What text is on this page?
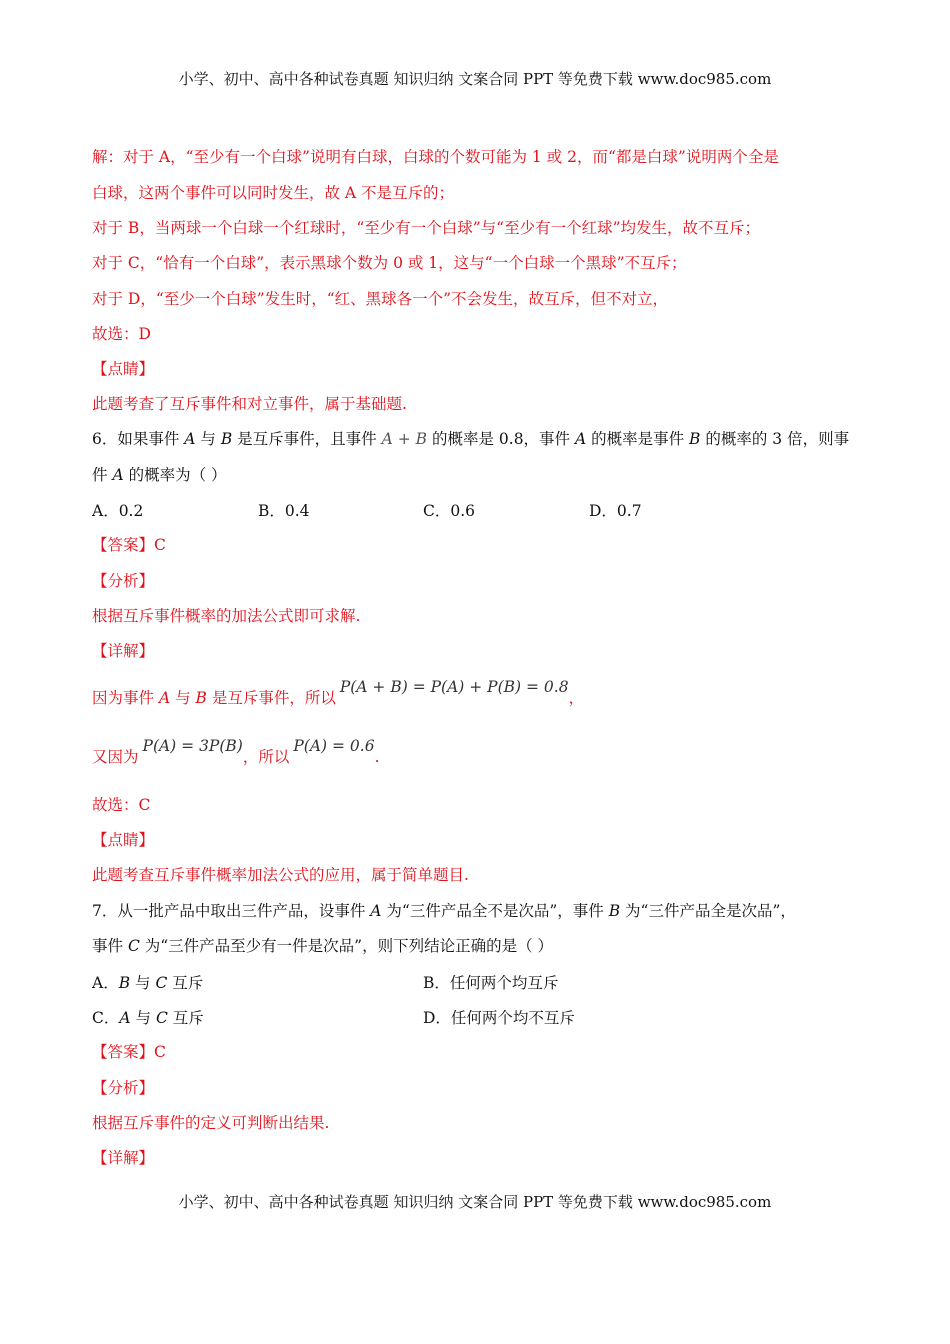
小学、初中、高中各种试卷真题 知识归纳 文案合同 PPT 等免费下载 www.doc985.com
解：对于 A，“至少有一个白球”说明有白球，白球的个数可能为 1 或 2，而“都是白球”说明两个全是
白球，这两个事件可以同时发生，故 A 不是互斥的；
对于 B，当两球一个白球一个红球时，“至少有一个白球”与“至少有一个红球”均发生，故不互斥；
对于 C，“恰有一个白球”，表示黑球个数为 0 或 1，这与“一个白球一个黑球”不互斥；
对于 D，“至少一个白球”发生时，“红、黑球各一个”不会发生，故互斥，但不对立，
故选：D
【点睛】
此题考查了互斥事件和对立事件，属于基础题.
6．如果事件 A 与 B 是互斥事件，且事件 A + B 的概率是 0.8，事件 A 的概率是事件 B 的概率的 3 倍，则事
件 A 的概率为（ ）
A．0.2	B．0.4	C．0.6	D．0.7
【答案】C
【分析】
根据互斥事件概率的加法公式即可求解.
【详解】
因为事件 A 与 B 是互斥事件，所以P(A + B) = P(A) + P(B) = 0.8，
又因为P(A) = 3P(B)，所以P(A) = 0.6.
故选：C
【点睛】
此题考查互斥事件概率加法公式的应用，属于简单题目.
7．从一批产品中取出三件产品，设事件 A 为“三件产品全不是次品”，事件 B 为“三件产品全是次品”，
事件 C 为“三件产品至少有一件是次品”，则下列结论正确的是（ ）
A．B 与 C 互斥	B．任何两个均互斥
C．A 与 C 互斥	D．任何两个均不互斥
【答案】C
【分析】
根据互斥事件的定义可判断出结果.
【详解】
小学、初中、高中各种试卷真题 知识归纳 文案合同 PPT 等免费下载 www.doc985.com
